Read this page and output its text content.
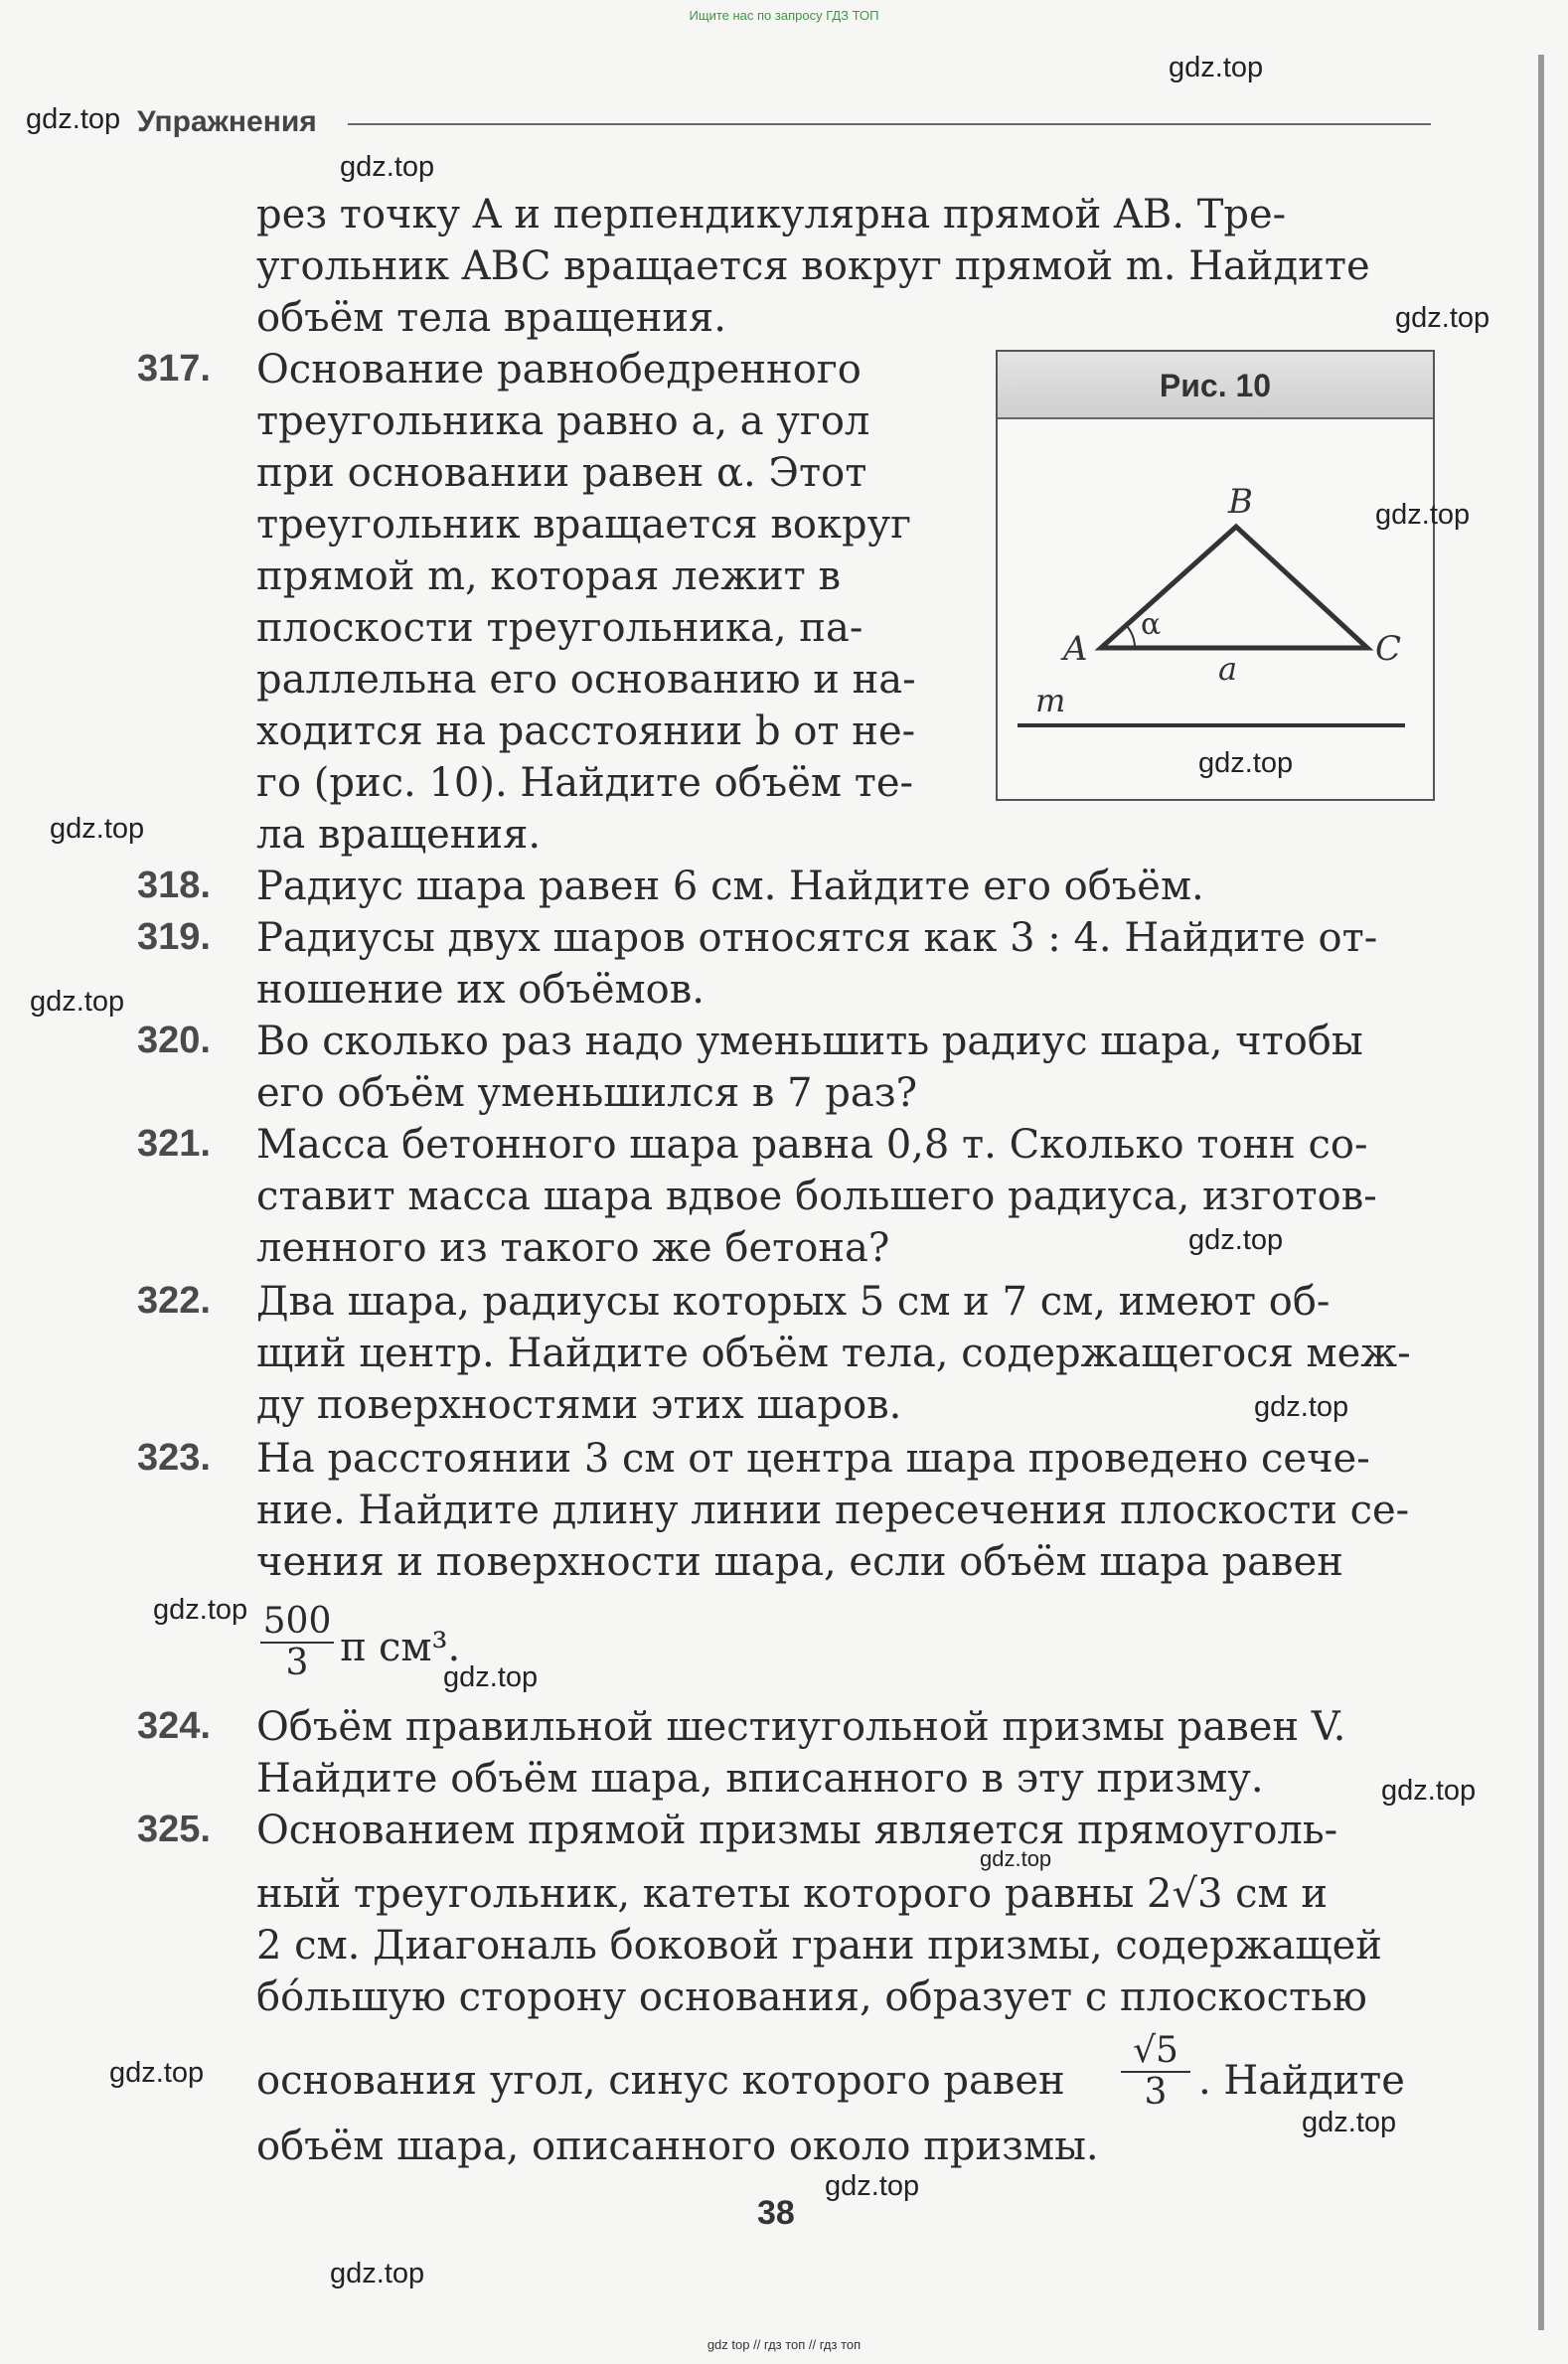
Ищите нас по запросу ГДЗ ТОП
Упражнения
рез точку A и перпендикулярна прямой AB. Тре-
угольник ABC вращается вокруг прямой m. Найдите
объём тела вращения.
317. Основание равнобедренного
треугольника равно a, а угол
при основании равен α. Этот
треугольник вращается вокруг
прямой m, которая лежит в
плоскости треугольника, па-
раллельна его основанию и на-
ходится на расстоянии b от не-
го (рис. 10). Найдите объём те-
ла вращения.
Рис. 10
B
A	C
α
a
m
318. Радиус шара равен 6 см. Найдите его объём.
319. Радиусы двух шаров относятся как 3 : 4. Найдите от-
ношение их объёмов.
320. Во сколько раз надо уменьшить радиус шара, чтобы
его объём уменьшился в 7 раз?
321. Масса бетонного шара равна 0,8 т. Сколько тонн со-
ставит масса шара вдвое большего радиуса, изготов-
ленного из такого же бетона?
322. Два шара, радиусы которых 5 см и 7 см, имеют об-
щий центр. Найдите объём тела, содержащегося меж-
ду поверхностями этих шаров.
323. На расстоянии 3 см от центра шара проведено сече-
ние. Найдите длину линии пересечения плоскости се-
чения и поверхности шара, если объём шара равен
$\frac{500}{3}$ π см³.
324. Объём правильной шестиугольной призмы равен V.
Найдите объём шара, вписанного в эту призму.
325. Основанием прямой призмы является прямоуголь-
ный треугольник, катеты которого равны 2√3 см и
2 см. Диагональ боковой грани призмы, содержащей
бо́льшую сторону основания, образует с плоскостью
основания угол, синус которого равен $\frac{√5}{3}$ . Найдите
объём шара, описанного около призмы.
38
gdz.top
gdz.top
gdz.top
gdz.top
gdz.top
gdz.top
gdz.top
gdz.top
gdz.top
gdz.top
gdz.top
gdz.top
gdz.top
gdz.top
gdz.top
gdz.top
gdz.top
gdz.top
gdz top // гдз топ // гдз топ
